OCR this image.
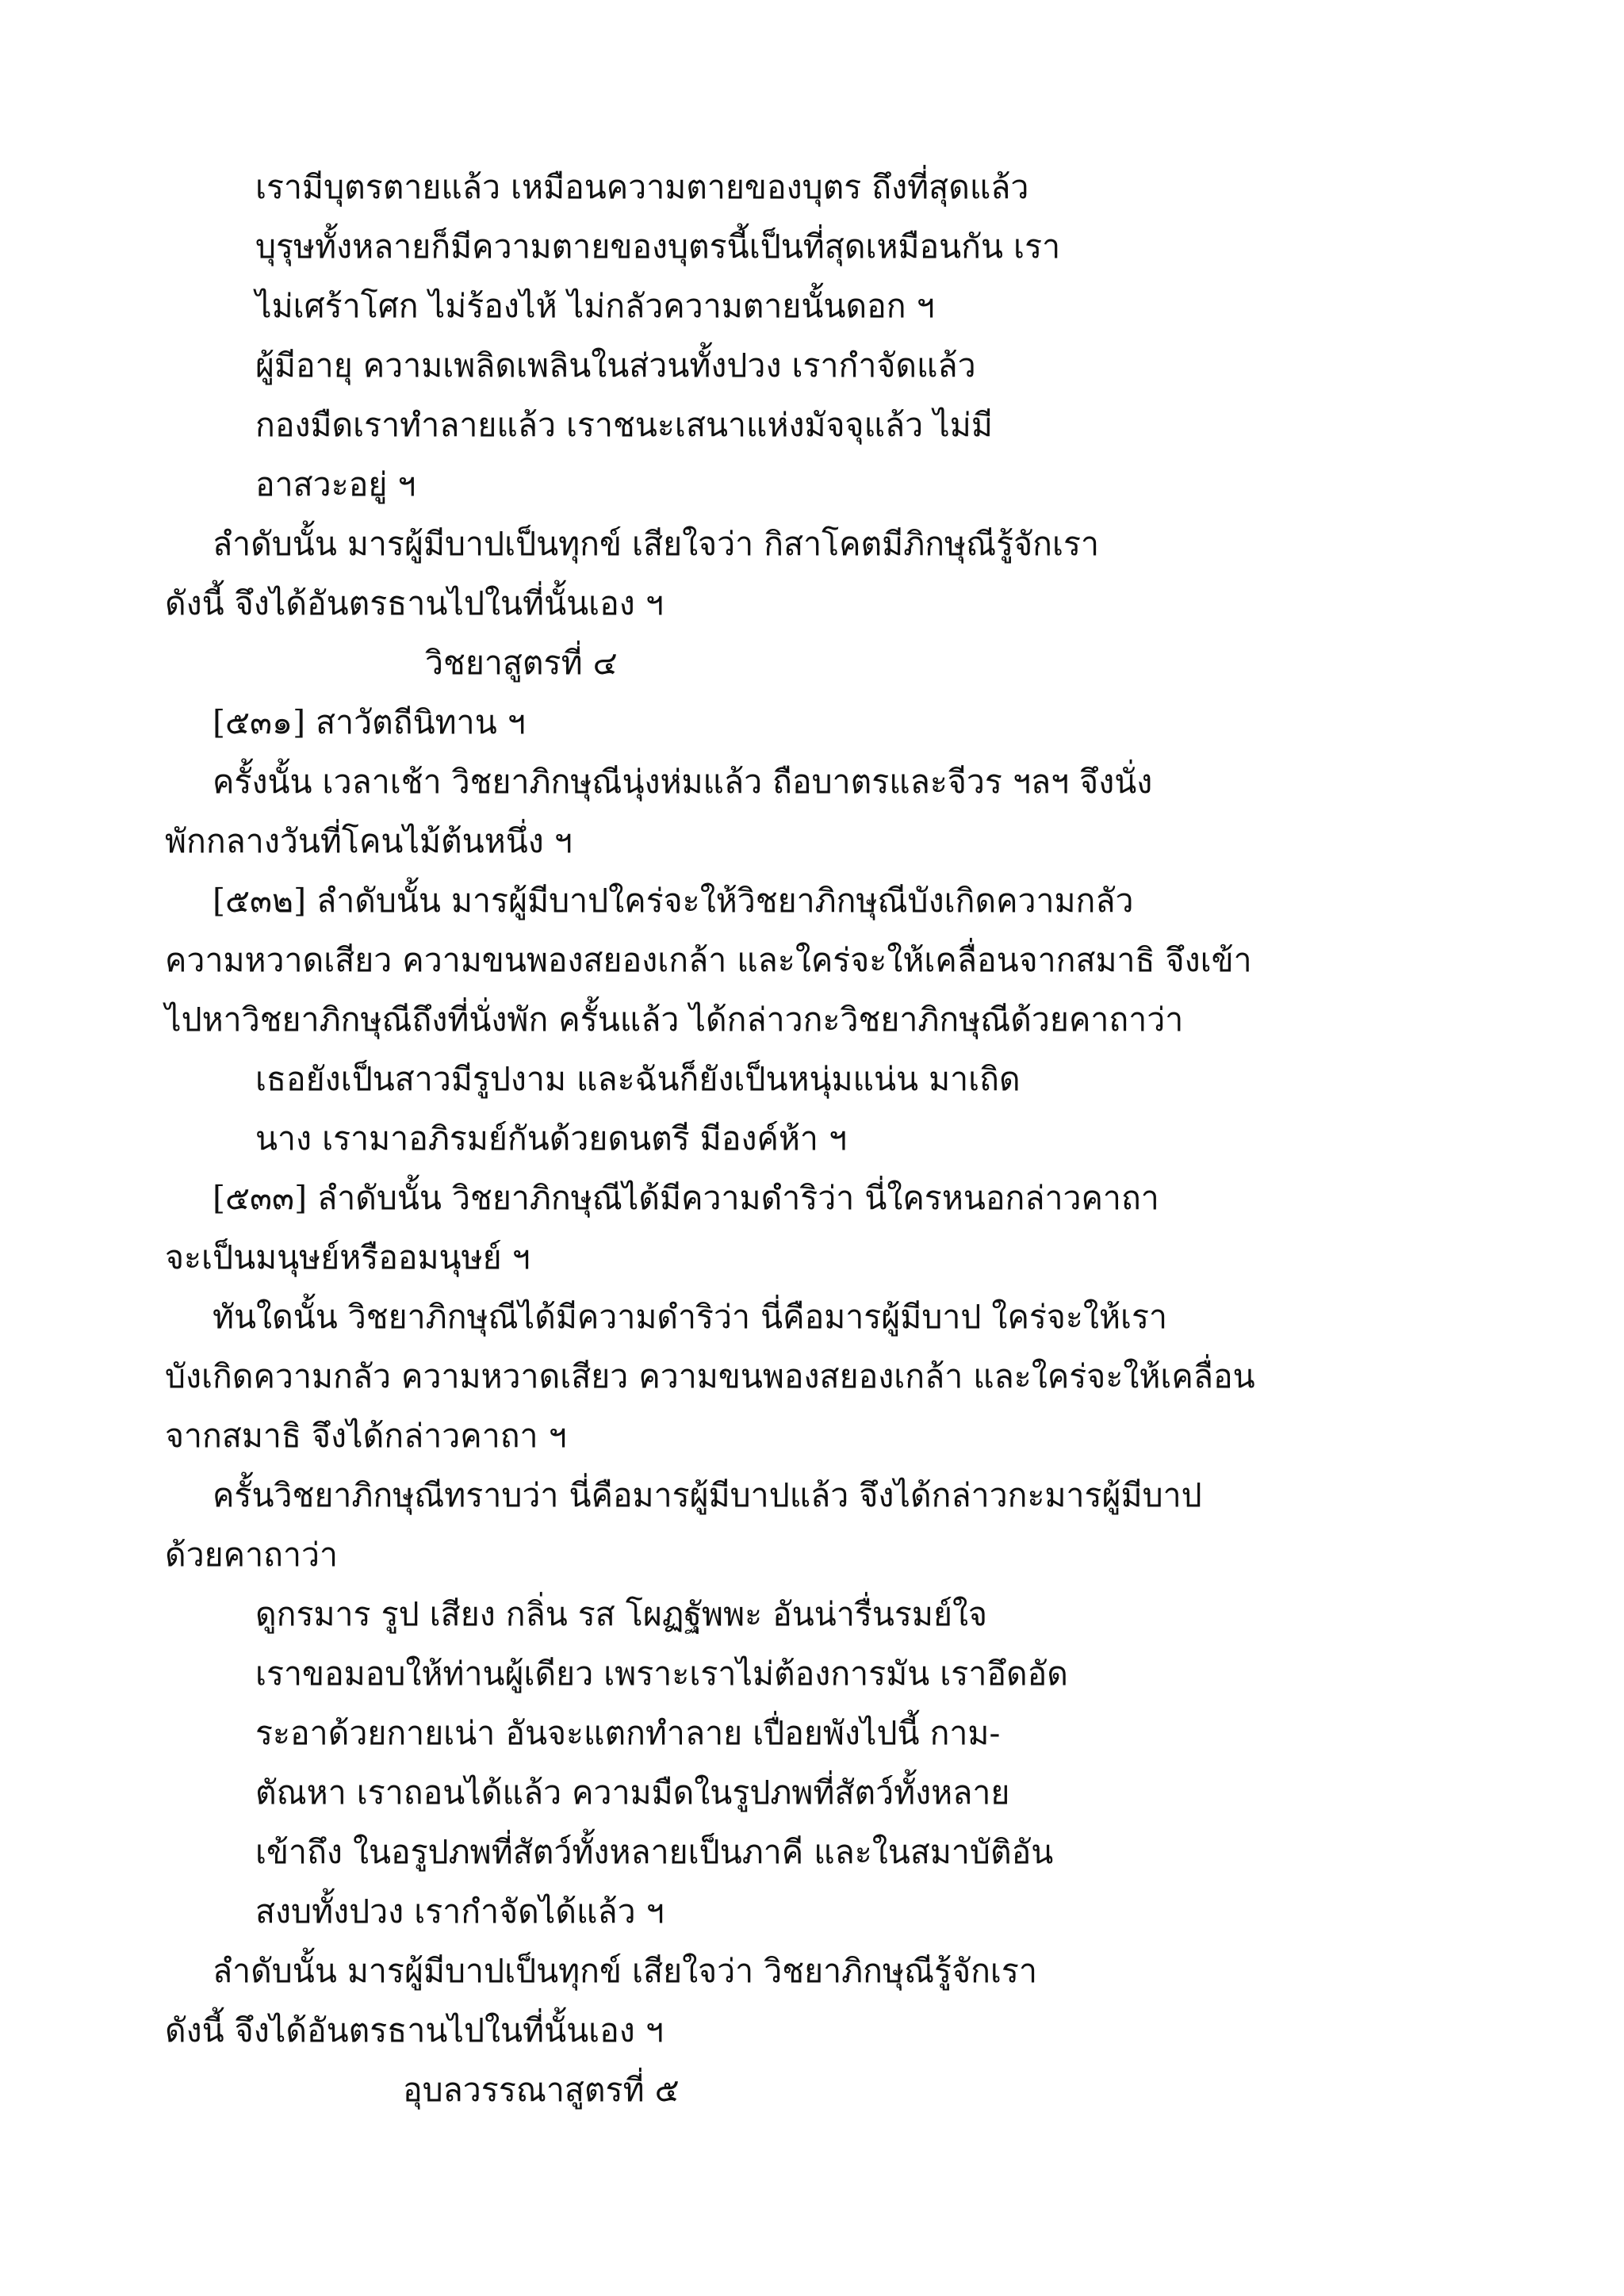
เรามีบุตรตายแล้ว เหมือนความตายของบุตร ถึงที่สุดแล้ว
บุรุษทั้งหลายก็มีความตายของบุตรนี้เป็นที่สุดเหมือนกัน เรา
ไม่เศร้าโศก ไม่ร้องไห้ ไม่กลัวความตายนั้นดอก ฯ
ผู้มีอายุ ความเพลิดเพลินในส่วนทั้งปวง เรากำจัดแล้ว
กองมืดเราทำลายแล้ว เราชนะเสนาแห่งมัจจุแล้ว ไม่มี
อาสวะอยู่ ฯ
ลำดับนั้น มารผู้มีบาปเป็นทุกข์ เสียใจว่า กิสาโคตมีภิกษุณีรู้จักเรา
ดังนี้ จึงได้อันตรธานไปในที่นั้นเอง ฯ
วิชยาสูตรที่ ๔
[๕๓๑] สาวัตถีนิทาน ฯ
ครั้งนั้น เวลาเช้า วิชยาภิกษุณีนุ่งห่มแล้ว ถือบาตรและจีวร ฯลฯ จึงนั่ง
พักกลางวันที่โคนไม้ต้นหนึ่ง ฯ
[๕๓๒] ลำดับนั้น มารผู้มีบาปใคร่จะให้วิชยาภิกษุณีบังเกิดความกลัว
ความหวาดเสียว ความขนพองสยองเกล้า และใคร่จะให้เคลื่อนจากสมาธิ จึงเข้า
ไปหาวิชยาภิกษุณีถึงที่นั่งพัก ครั้นแล้ว ได้กล่าวกะวิชยาภิกษุณีด้วยคาถาว่า
เธอยังเป็นสาวมีรูปงาม และฉันก็ยังเป็นหนุ่มแน่น มาเถิด
นาง เรามาอภิรมย์กันด้วยดนตรี มีองค์ห้า ฯ
[๕๓๓] ลำดับนั้น วิชยาภิกษุณีได้มีความดำริว่า นี่ใครหนอกล่าวคาถา
จะเป็นมนุษย์หรืออมนุษย์ ฯ
ทันใดนั้น วิชยาภิกษุณีได้มีความดำริว่า นี่คือมารผู้มีบาป ใคร่จะให้เรา
บังเกิดความกลัว ความหวาดเสียว ความขนพองสยองเกล้า และใคร่จะให้เคลื่อน
จากสมาธิ จึงได้กล่าวคาถา ฯ
ครั้นวิชยาภิกษุณีทราบว่า นี่คือมารผู้มีบาปแล้ว จึงได้กล่าวกะมารผู้มีบาป
ด้วยคาถาว่า
ดูกรมาร รูป เสียง กลิ่น รส โผฏฐัพพะ อันน่ารื่นรมย์ใจ
เราขอมอบให้ท่านผู้เดียว เพราะเราไม่ต้องการมัน เราอึดอัด
ระอาด้วยกายเน่า อันจะแตกทำลาย เปื่อยพังไปนี้ กาม-
ตัณหา เราถอนได้แล้ว ความมืดในรูปภพที่สัตว์ทั้งหลาย
เข้าถึง ในอรูปภพที่สัตว์ทั้งหลายเป็นภาคี และในสมาบัติอัน
สงบทั้งปวง เรากำจัดได้แล้ว ฯ
ลำดับนั้น มารผู้มีบาปเป็นทุกข์ เสียใจว่า วิชยาภิกษุณีรู้จักเรา
ดังนี้ จึงได้อันตรธานไปในที่นั้นเอง ฯ
อุบลวรรณาสูตรที่ ๕
